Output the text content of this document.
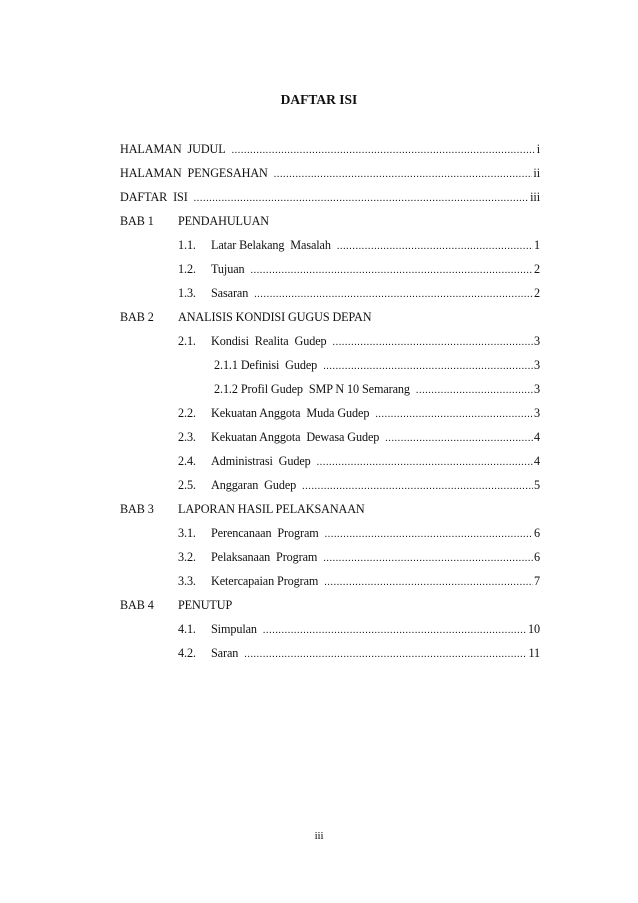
DAFTAR ISI
HALAMAN  JUDUL .....	i
HALAMAN  PENGESAHAN .....	ii
DAFTAR  ISI .....	iii
BAB 1 PENDAHULUAN
1.1. Latar Belakang  Masalah .....	1
1.2. Tujuan .....	2
1.3. Sasaran .....	2
BAB 2 ANALISIS KONDISI GUGUS DEPAN
2.1. Kondisi  Realita  Gudep .....	3
2.1.1 Definisi  Gudep .....	3
2.1.2 Profil Gudep  SMP N 10 Semarang .....	3
2.2. Kekuatan Anggota  Muda Gudep .....	3
2.3. Kekuatan Anggota  Dewasa Gudep .....	4
2.4. Administrasi  Gudep .....	4
2.5. Anggaran  Gudep .....	5
BAB 3 LAPORAN HASIL PELAKSANAAN
3.1. Perencanaan  Program .....	6
3.2. Pelaksanaan  Program .....	6
3.3. Ketercapaian Program .....	7
BAB 4 PENUTUP
4.1. Simpulan .....	10
4.2. Saran .....	11
iii
